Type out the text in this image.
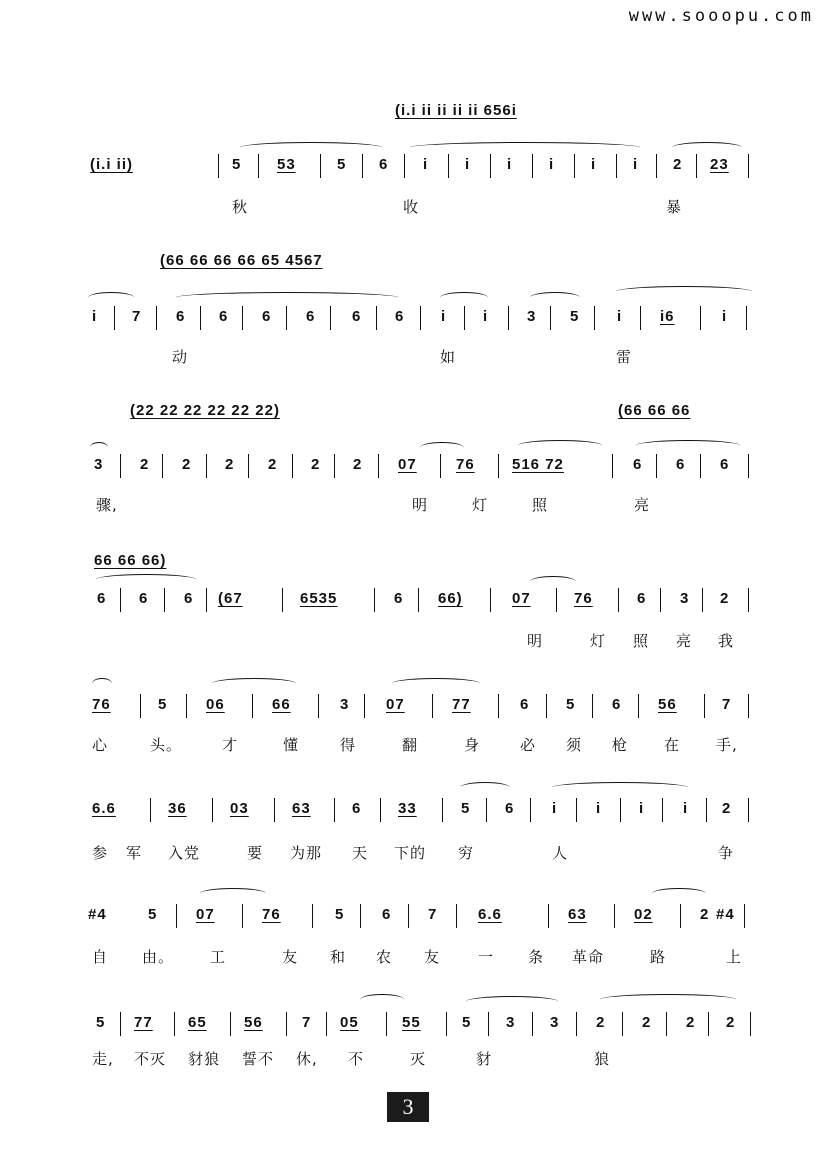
www.sooopu.com
(i.i ii ii ii ii 656i
(i.i ii)	5 53	5 6 i i i i i i 2 23
秋	收	暴
(66 66 66 66 65 4567
i 7 6 6 6 6 6 6 i i	3 5	i	i6	i
动	如	雷
(22 22 22 22 22 22)	(66 66 66
3 2 2 2 2 2 2 07	76 516 72	6 6 6
骤,	明	灯	照	亮
66 66 66)
6 6 6 (67	6535	6 66)	07	76	6 3 2
明	灯 照 亮 我
76	5	06	66	3 07	77	6 5 6 56	7
心	头。	才	懂	得	翻	身	必 须 枪 在 手,
6.6	36	03	63	6 33	5 6	i	i	i	i 2
参 军 入党	要 为那 天 下的 穷	人	争
#4	5	07	76	5	6 7	6.6	63	02	2 #4
自 由。 工	友 和 农 友	一 条 革命	路	上
5 77 65 56	7 05	55	5 3 3 2 2 2 2
走, 不灭 豺狼 誓不 休, 不	灭	豺	狼
3
